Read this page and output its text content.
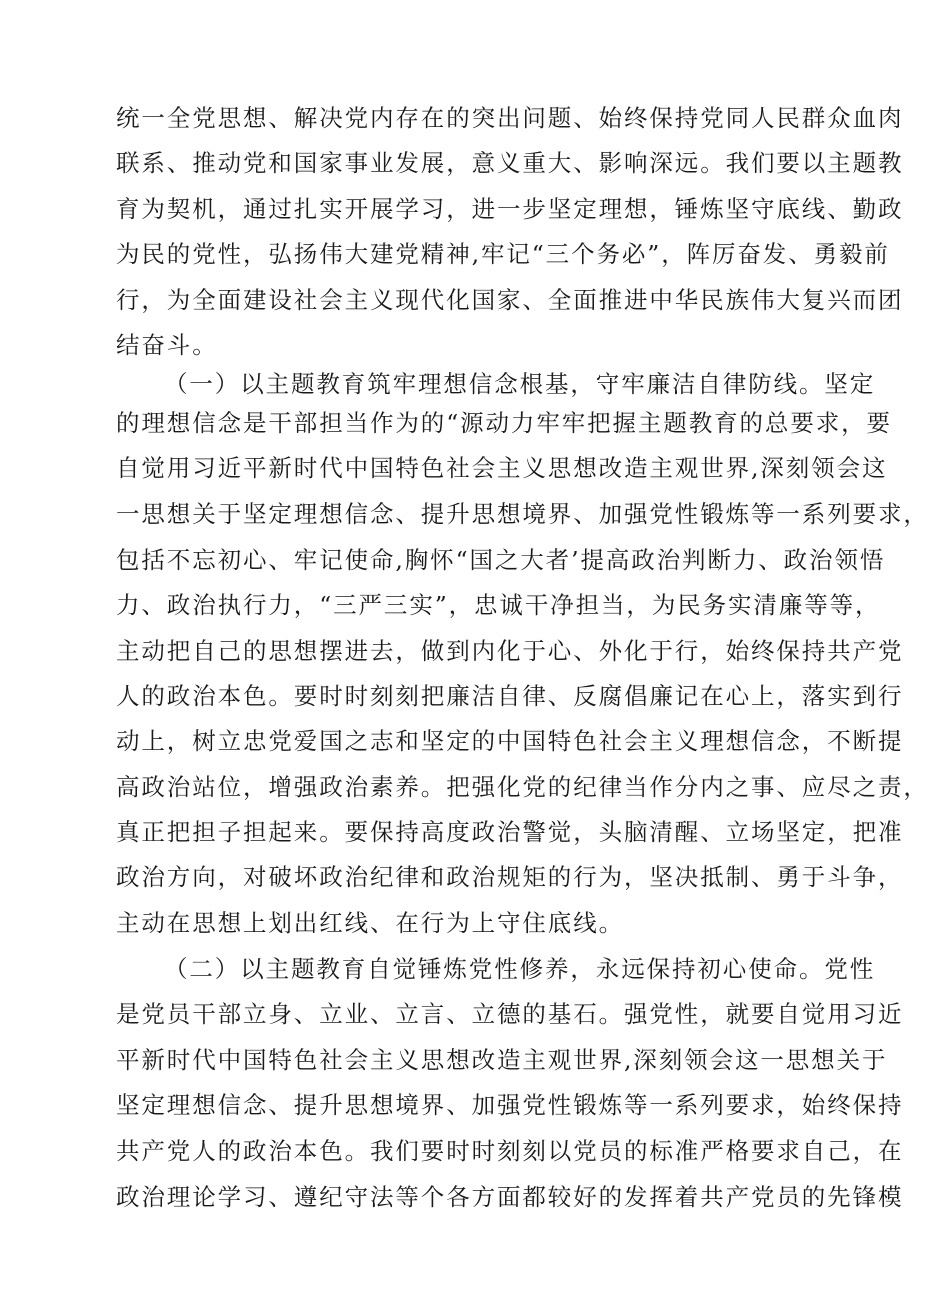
统一全党思想、解决党内存在的突出问题、始终保持党同人民群众血肉
联系、推动党和国家事业发展，意义重大、影响深远。我们要以主题教
育为契机，通过扎实开展学习，进一步坚定理想，锤炼坚守底线、勤政
为民的党性，弘扬伟大建党精神,牢记“三个务必”，阵厉奋发、勇毅前
行，为全面建设社会主义现代化国家、全面推进中华民族伟大复兴而团
结奋斗。
（一）以主题教育筑牢理想信念根基，守牢廉洁自律防线。坚定
的理想信念是干部担当作为的“源动力牢牢把握主题教育的总要求，要
自觉用习近平新时代中国特色社会主义思想改造主观世界,深刻领会这
一思想关于坚定理想信念、提升思想境界、加强党性锻炼等一系列要求，
包括不忘初心、牢记使命,胸怀“国之大者’提高政治判断力、政治领悟
力、政治执行力，“三严三实”，忠诚干净担当，为民务实清廉等等，
主动把自己的思想摆进去，做到内化于心、外化于行，始终保持共产党
人的政治本色。要时时刻刻把廉洁自律、反腐倡廉记在心上，落实到行
动上，树立忠党爱国之志和坚定的中国特色社会主义理想信念，不断提
高政治站位，增强政治素养。把强化党的纪律当作分内之事、应尽之责，
真正把担子担起来。要保持高度政治警觉，头脑清醒、立场坚定，把准
政治方向，对破坏政治纪律和政治规矩的行为，坚决抵制、勇于斗争，
主动在思想上划出红线、在行为上守住底线。
（二）以主题教育自觉锤炼党性修养，永远保持初心使命。党性
是党员干部立身、立业、立言、立德的基石。强党性，就要自觉用习近
平新时代中国特色社会主义思想改造主观世界,深刻领会这一思想关于
坚定理想信念、提升思想境界、加强党性锻炼等一系列要求，始终保持
共产党人的政治本色。我们要时时刻刻以党员的标准严格要求自己，在
政治理论学习、遵纪守法等个各方面都较好的发挥着共产党员的先锋模
